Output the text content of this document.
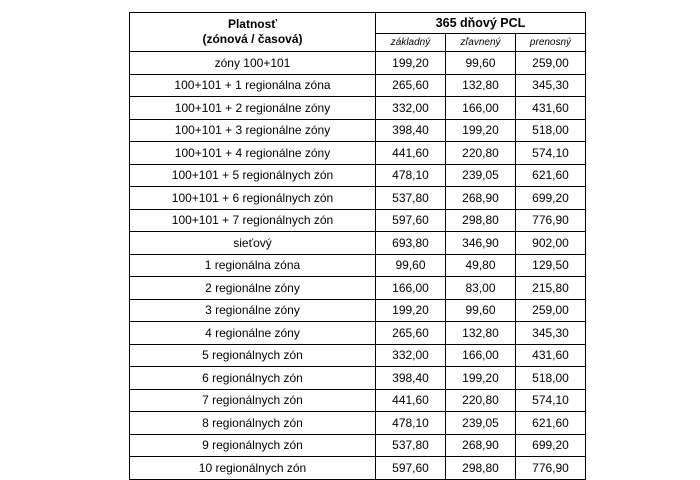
Platnosť
(zónová / časová)	365 dňový PCL		
	základný	zľavnený	prenosný
zóny 100+101	199,20	99,60	259,00
100+101 + 1 regionálna zóna	265,60	132,80	345,30
100+101 + 2 regionálne zóny	332,00	166,00	431,60
100+101 + 3 regionálne zóny	398,40	199,20	518,00
100+101 + 4 regionálne zóny	441,60	220,80	574,10
100+101 + 5 regionálnych zón	478,10	239,05	621,60
100+101 + 6 regionálnych zón	537,80	268,90	699,20
100+101 + 7 regionálnych zón	597,60	298,80	776,90
sieťový	693,80	346,90	902,00
1 regionálna zóna	99,60	49,80	129,50
2 regionálne zóny	166,00	83,00	215,80
3 regionálne zóny	199,20	99,60	259,00
4 regionálne zóny	265,60	132,80	345,30
5 regionálnych zón	332,00	166,00	431,60
6 regionálnych zón	398,40	199,20	518,00
7 regionálnych zón	441,60	220,80	574,10
8 regionálnych zón	478,10	239,05	621,60
9 regionálnych zón	537,80	268,90	699,20
10 regionálnych zón	597,60	298,80	776,90
